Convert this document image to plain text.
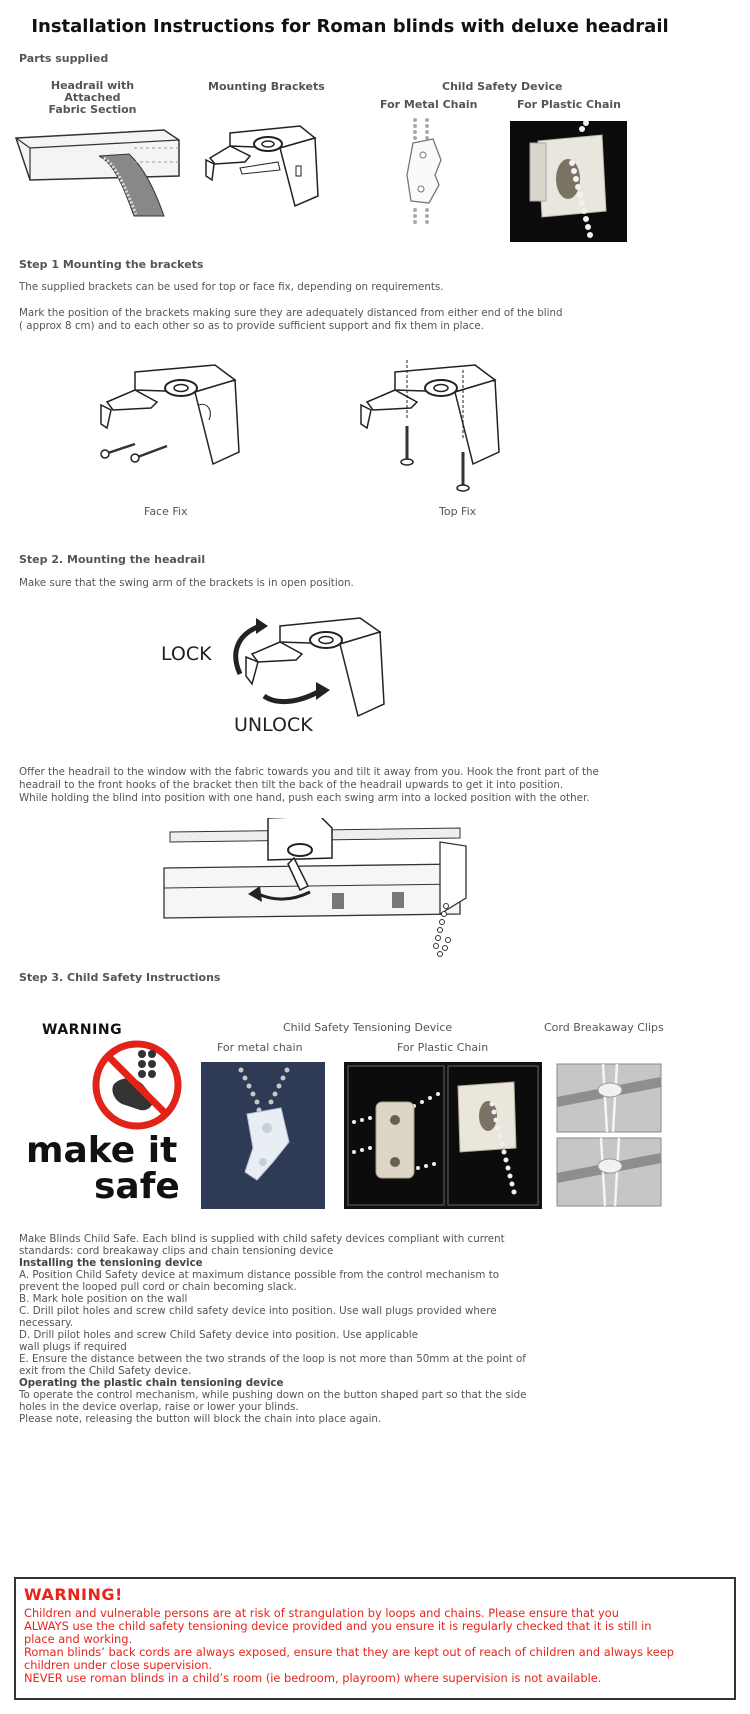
Installation Instructions for Roman blinds with deluxe headrail
Parts supplied
Headrail with
Attached
Fabric Section
Mounting Brackets	Child Safety Device
For Metal Chain	For Plastic Chain
Step 1 Mounting the brackets
The supplied brackets can be used for top or face fix, depending on requirements.
Mark the position of the brackets making sure they are adequately distanced from either end of the blind
( approx 8 cm) and to each other so as to provide sufficient support and fix them in place.
Face Fix	Top Fix
Step 2. Mounting the headrail
Make sure that the swing arm of the brackets is in open position.
LOCK
UNLOCK
Offer the headrail to the window with the fabric towards you and tilt it away from you. Hook the front part of the
headrail to the front hooks of the bracket then tilt the back of the headrail upwards to get it into position.
While holding the blind into position with one hand, push each swing arm into a locked position with the other.
Step 3. Child Safety Instructions
WARNING
make it
safe
Child Safety Tensioning Device
For metal chain	For Plastic Chain
Cord Breakaway Clips
Make Blinds Child Safe. Each blind is supplied with child safety devices compliant with current
standards: cord breakaway clips and chain tensioning device
Installing the tensioning device
A. Position Child Safety device at maximum distance possible from the control mechanism to
prevent the looped pull cord or chain becoming slack.
B. Mark hole position on the wall
C. Drill pilot holes and screw child safety device into position. Use wall plugs provided where
necessary.
D. Drill pilot holes and screw Child Safety device into position. Use applicable
wall plugs if required
E. Ensure the distance between the two strands of the loop is not more than 50mm at the point of
exit from the Child Safety device.
Operating the plastic chain tensioning device
To operate the control mechanism, while pushing down on the button shaped part so that the side
holes in the device overlap, raise or lower your blinds.
Please note, releasing the button will block the chain into place again.
WARNING!
Children and vulnerable persons are at risk of strangulation by loops and chains. Please ensure that you
ALWAYS use the child safety tensioning device provided and you ensure it is regularly checked that it is still in
place and working.
Roman blinds’ back cords are always exposed, ensure that they are kept out of reach of children and always keep
children under close supervision.
NEVER use roman blinds in a child’s room (ie bedroom, playroom) where supervision is not available.
